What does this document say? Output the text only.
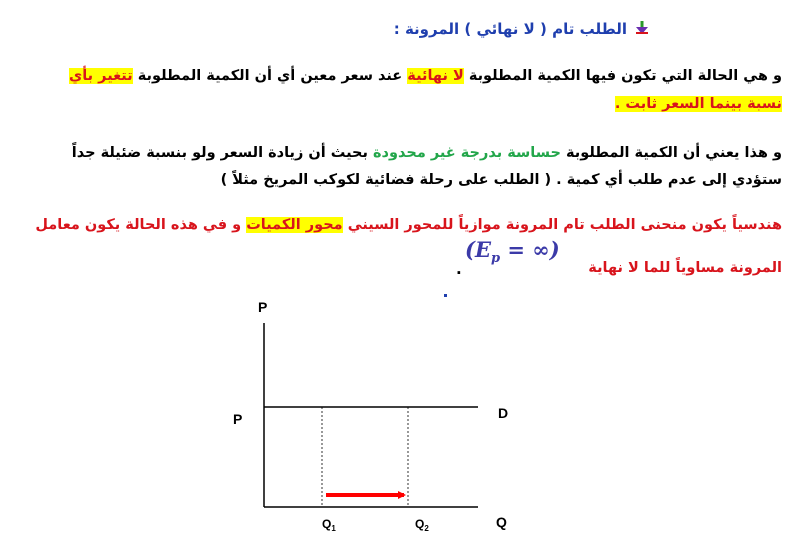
الطلب تام ( لا نهائي ) المرونة :
و هي الحالة التي تكون فيها الكمية المطلوبة لا نهائية عند سعر معين أي أن الكمية المطلوبة تتغير بأي
نسبة بينما السعر ثابت .
و هذا يعني أن الكمية المطلوبة حساسة بدرجة غير محدودة بحيث أن زيادة السعر ولو بنسبة ضئيلة جداً
ستؤدي إلى عدم طلب أي كمية . ( الطلب على رحلة فضائية لكوكب المريخ مثلاً )
هندسياً يكون منحنى الطلب تام المرونة موازياً للمحور السيني محور الكميات و في هذه الحالة يكون معامل
المرونة مساوياً للما لا نهاية
($E_p$ = ∞)
.
P
P	D
Q
$Q_1$	$Q_2$
